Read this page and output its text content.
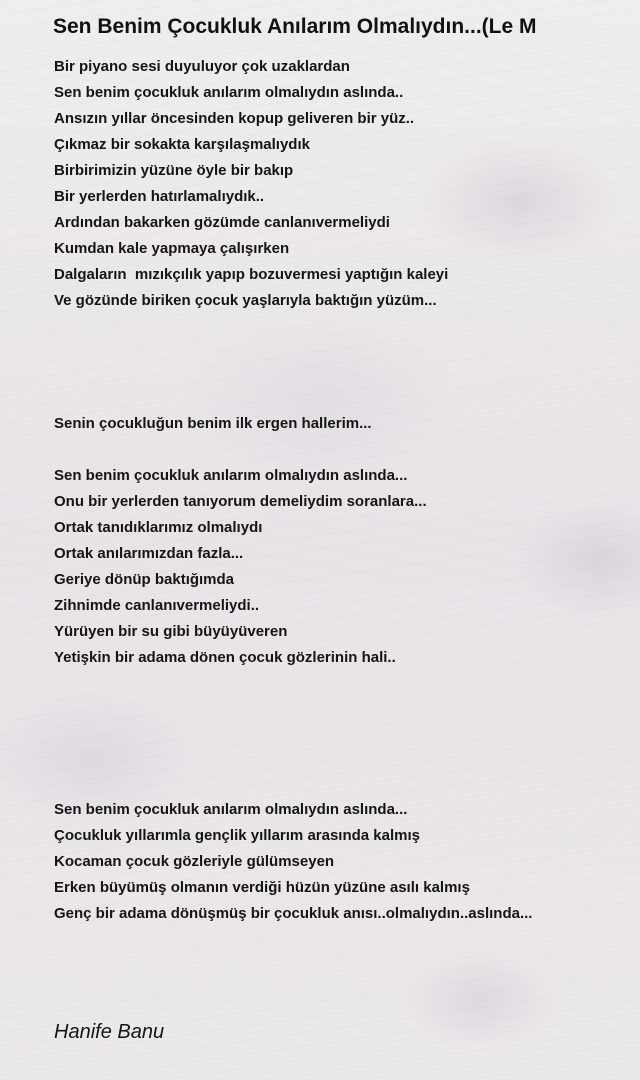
Sen Benim Çocukluk Anılarım Olmalıydın...(Le M
Bir piyano sesi duyuluyor çok uzaklardan
Sen benim çocukluk anılarım olmalıydın aslında..
Ansızın yıllar öncesinden kopup geliveren bir yüz..
Çıkmaz bir sokakta karşılaşmalıydık
Birbirimizin yüzüne öyle bir bakıp
Bir yerlerden hatırlamalıydık..
Ardından bakarken gözümde canlanıvermeliydi
Kumdan kale yapmaya çalışırken
Dalgaların  mızıkçılık yapıp bozuvermesi yaptığın kaleyi
Ve gözünde biriken çocuk yaşlarıyla baktığın yüzüm...
Senin çocukluğun benim ilk ergen hallerim...
Sen benim çocukluk anılarım olmalıydın aslında...
Onu bir yerlerden tanıyorum demeliydim soranlara...
Ortak tanıdıklarımız olmalıydı
Ortak anılarımızdan fazla...
Geriye dönüp baktığımda
Zihnimde canlanıvermeliydi..
Yürüyen bir su gibi büyüyüveren
Yetişkin bir adama dönen çocuk gözlerinin hali..
Sen benim çocukluk anılarım olmalıydın aslında...
Çocukluk yıllarımla gençlik yıllarım arasında kalmış
Kocaman çocuk gözleriyle gülümseyen
Erken büyümüş olmanın verdiği hüzün yüzüne asılı kalmış
Genç bir adama dönüşmüş bir çocukluk anısı..olmalıydın..aslında...
Hanife Banu
